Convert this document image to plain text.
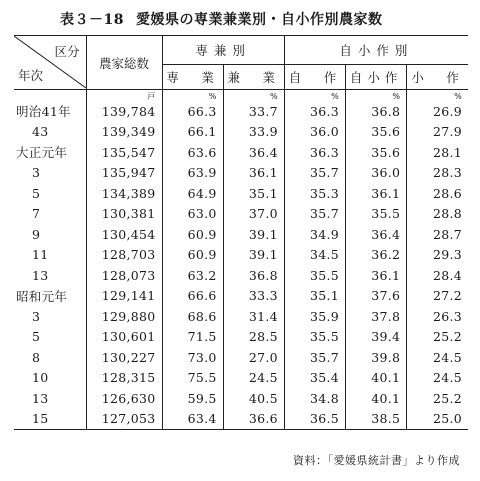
表３－18 愛媛県の専業兼業別・自小作別農家数
区分
年次	農家総数	専兼別		自小作別		
		専　業	兼　業	自　作	自小作	小　作
	戸	%	%	%	%	%
明治41年	139,784	66.3	33.7	36.3	36.8	26.9
43	139,349	66.1	33.9	36.0	35.6	27.9
大正元年	135,547	63.6	36.4	36.3	35.6	28.1
3	135,947	63.9	36.1	35.7	36.0	28.3
5	134,389	64.9	35.1	35.3	36.1	28.6
7	130,381	63.0	37.0	35.7	35.5	28.8
9	130,454	60.9	39.1	34.9	36.4	28.7
11	128,703	60.9	39.1	34.5	36.2	29.3
13	128,073	63.2	36.8	35.5	36.1	28.4
昭和元年	129,141	66.6	33.3	35.1	37.6	27.2
3	129,880	68.6	31.4	35.9	37.8	26.3
5	130,601	71.5	28.5	35.5	39.4	25.2
8	130,227	73.0	27.0	35.7	39.8	24.5
10	128,315	75.5	24.5	35.4	40.1	24.5
13	126,630	59.5	40.5	34.8	40.1	25.2
15	127,053	63.4	36.6	36.5	38.5	25.0
資料：「愛媛県統計書」より作成
